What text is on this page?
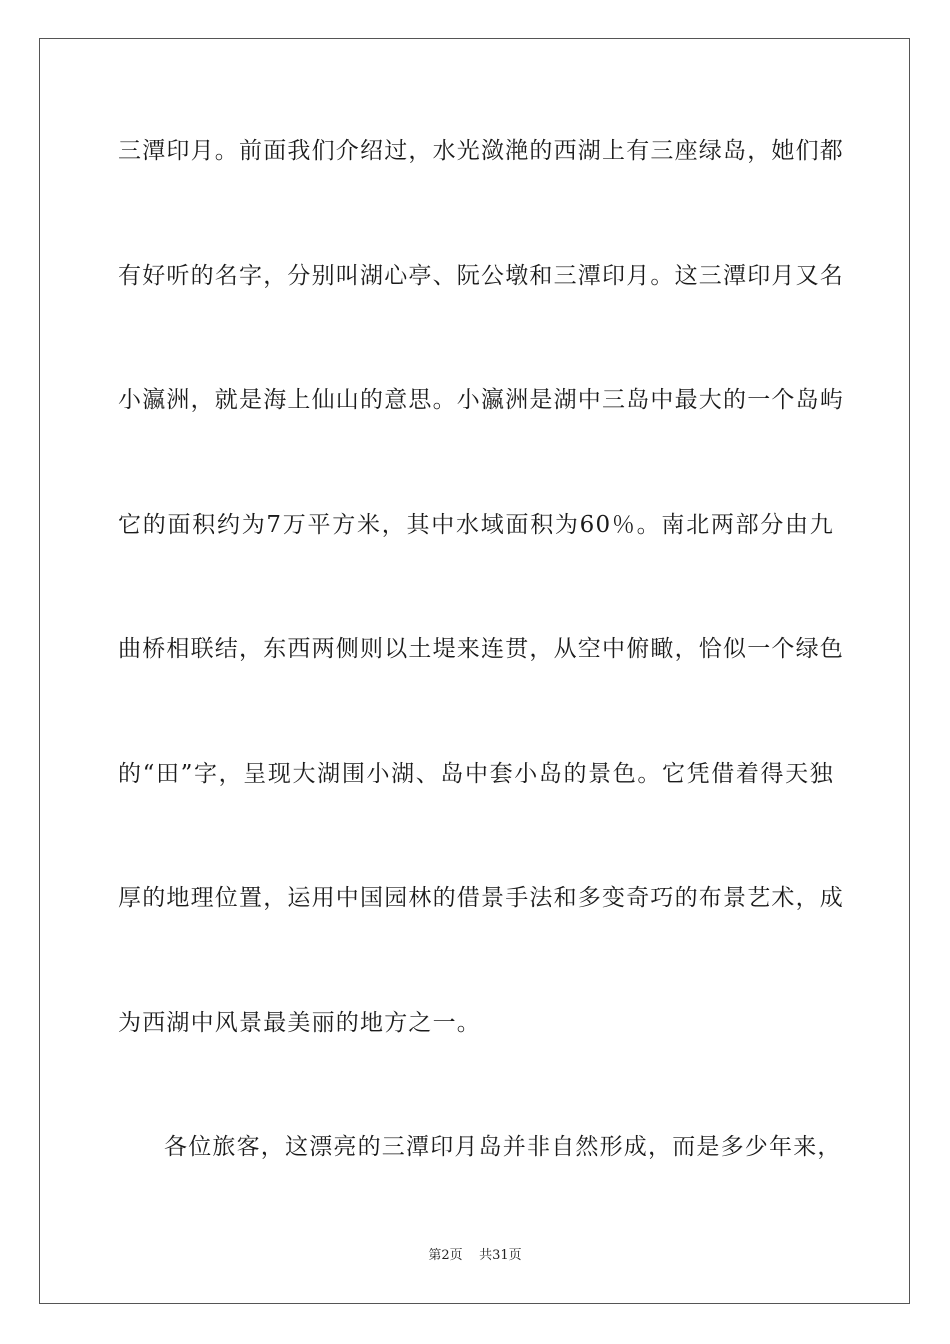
三潭印月。前面我们介绍过，水光潋滟的西湖上有三座绿岛，她们都
有好听的名字，分别叫湖心亭、阮公墩和三潭印月。这三潭印月又名
小瀛洲，就是海上仙山的意思。小瀛洲是湖中三岛中最大的一个岛屿
它的面积约为7万平方米，其中水域面积为60％。南北两部分由九
曲桥相联结，东西两侧则以土堤来连贯，从空中俯瞰，恰似一个绿色
的“田”字，呈现大湖围小湖、岛中套小岛的景色。它凭借着得天独
厚的地理位置，运用中国园林的借景手法和多变奇巧的布景艺术，成
为西湖中风景最美丽的地方之一。
各位旅客，这漂亮的三潭印月岛并非自然形成，而是多少年来，
第2页    共31页
